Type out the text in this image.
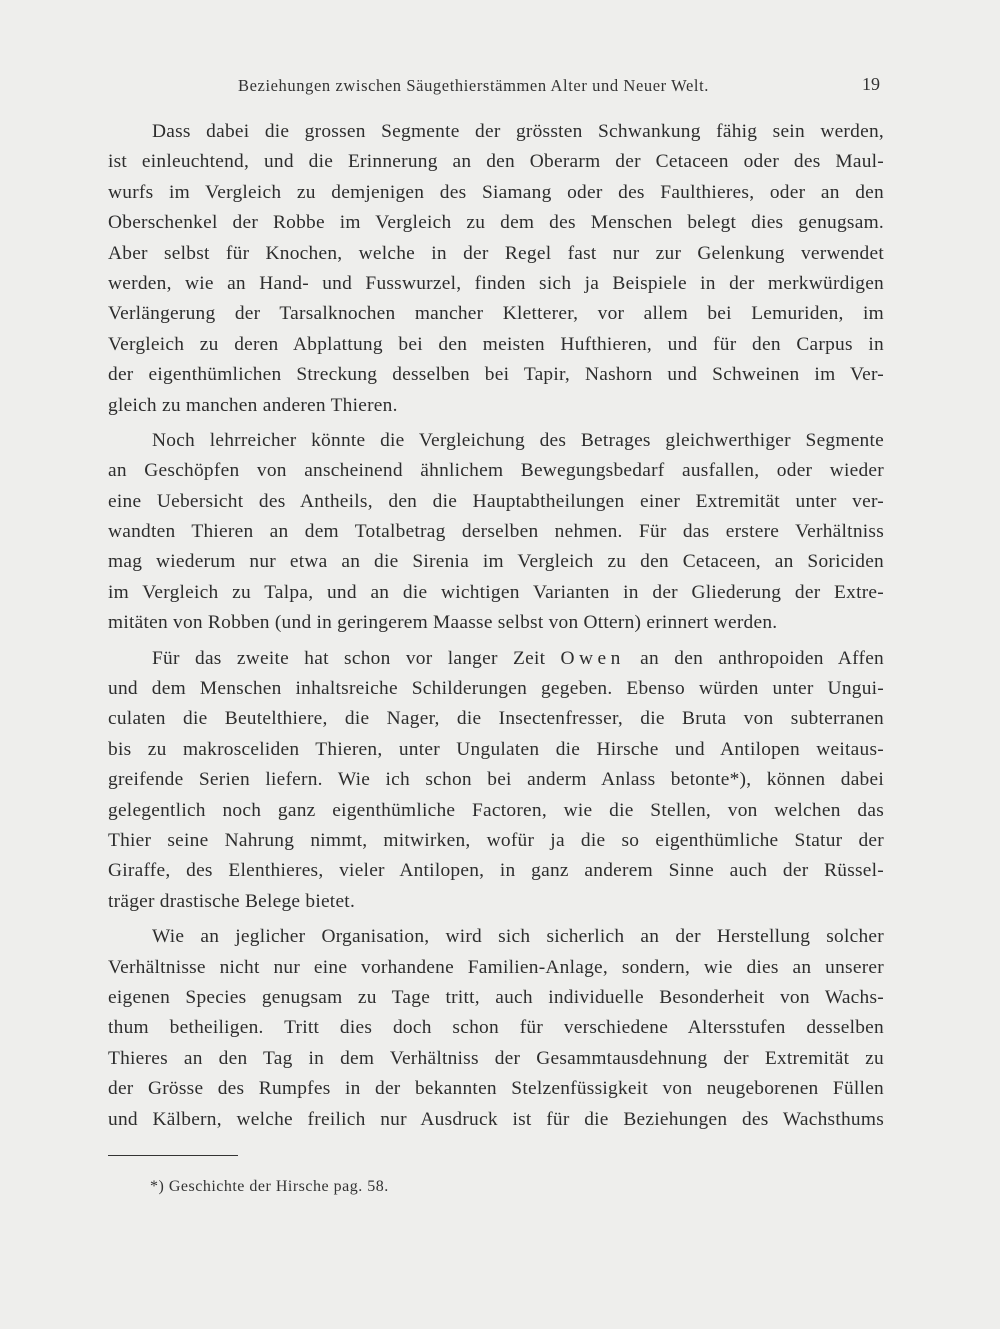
Beziehungen zwischen Säugethierstämmen Alter und Neuer Welt.	19
Dass dabei die grossen Segmente der grössten Schwankung fähig sein werden,
ist einleuchtend, und die Erinnerung an den Oberarm der Cetaceen oder des Maul-
wurfs im Vergleich zu demjenigen des Siamang oder des Faulthieres, oder an den
Oberschenkel der Robbe im Vergleich zu dem des Menschen belegt dies genugsam.
Aber selbst für Knochen, welche in der Regel fast nur zur Gelenkung verwendet
werden, wie an Hand- und Fusswurzel, finden sich ja Beispiele in der merkwürdigen
Verlängerung der Tarsalknochen mancher Kletterer, vor allem bei Lemuriden, im
Vergleich zu deren Abplattung bei den meisten Hufthieren, und für den Carpus in
der eigenthümlichen Streckung desselben bei Tapir, Nashorn und Schweinen im Ver-
gleich zu manchen anderen Thieren.
Noch lehrreicher könnte die Vergleichung des Betrages gleichwerthiger Segmente
an Geschöpfen von anscheinend ähnlichem Bewegungsbedarf ausfallen, oder wieder
eine Uebersicht des Antheils, den die Hauptabtheilungen einer Extremität unter ver-
wandten Thieren an dem Totalbetrag derselben nehmen. Für das erstere Verhältniss
mag wiederum nur etwa an die Sirenia im Vergleich zu den Cetaceen, an Soriciden
im Vergleich zu Talpa, und an die wichtigen Varianten in der Gliederung der Extre-
mitäten von Robben (und in geringerem Maasse selbst von Ottern) erinnert werden.
Für das zweite hat schon vor langer Zeit Owen an den anthropoiden Affen
und dem Menschen inhaltsreiche Schilderungen gegeben. Ebenso würden unter Ungui-
culaten die Beutelthiere, die Nager, die Insectenfresser, die Bruta von subterranen
bis zu makrosceliden Thieren, unter Ungulaten die Hirsche und Antilopen weitaus-
greifende Serien liefern. Wie ich schon bei anderm Anlass betonte*), können dabei
gelegentlich noch ganz eigenthümliche Factoren, wie die Stellen, von welchen das
Thier seine Nahrung nimmt, mitwirken, wofür ja die so eigenthümliche Statur der
Giraffe, des Elenthieres, vieler Antilopen, in ganz anderem Sinne auch der Rüssel-
träger drastische Belege bietet.
Wie an jeglicher Organisation, wird sich sicherlich an der Herstellung solcher
Verhältnisse nicht nur eine vorhandene Familien-Anlage, sondern, wie dies an unserer
eigenen Species genugsam zu Tage tritt, auch individuelle Besonderheit von Wachs-
thum betheiligen. Tritt dies doch schon für verschiedene Altersstufen desselben
Thieres an den Tag in dem Verhältniss der Gesammtausdehnung der Extremität zu
der Grösse des Rumpfes in der bekannten Stelzenfüssigkeit von neugeborenen Füllen
und Kälbern, welche freilich nur Ausdruck ist für die Beziehungen des Wachsthums
*) Geschichte der Hirsche pag. 58.
